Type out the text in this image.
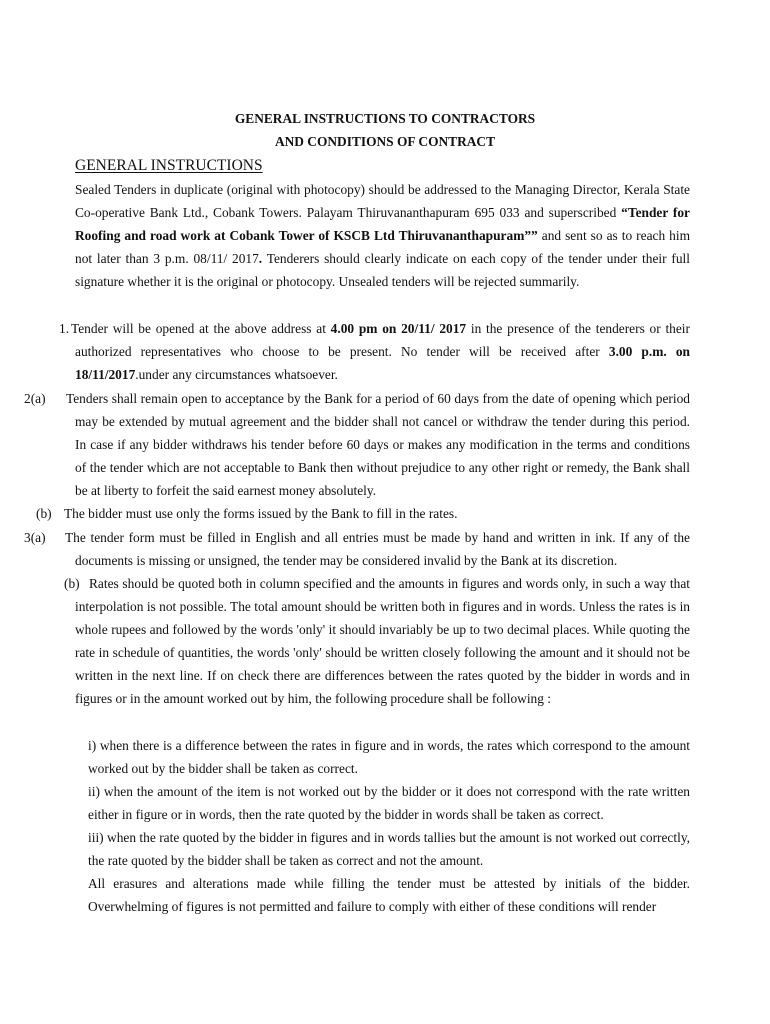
GENERAL INSTRUCTIONS TO CONTRACTORS
AND CONDITIONS OF CONTRACT
GENERAL INSTRUCTIONS

Sealed Tenders in duplicate (original with photocopy) should be addressed to the Managing Director, Kerala State Co-operative Bank Ltd., Cobank Towers. Palayam Thiruvananthapuram 695 033 and superscribed “Tender for Roofing and road work at Cobank Tower of KSCB Ltd Thiruvananthapuram”” and sent so as to reach him not later than 3 p.m. 08/11/ 2017. Tenderers should clearly indicate on each copy of the tender under their full signature whether it is the original or photocopy. Unsealed tenders will be rejected summarily.

1. Tender will be opened at the above address at 4.00 pm on 20/11/ 2017 in the presence of the tenderers or their authorized representatives who choose to be present. No tender will be received after 3.00 p.m. on 18/11/2017.under any circumstances whatsoever.

2(a) Tenders shall remain open to acceptance by the Bank for a period of 60 days from the date of opening which period may be extended by mutual agreement and the bidder shall not cancel or withdraw the tender during this period. In case if any bidder withdraws his tender before 60 days or makes any modification in the terms and conditions of the tender which are not acceptable to Bank then without prejudice to any other right or remedy, the Bank shall be at liberty to forfeit the said earnest money absolutely.

(b) The bidder must use only the forms issued by the Bank to fill in the rates.

3(a) The tender form must be filled in English and all entries must be made by hand and written in ink. If any of the documents is missing or unsigned, the tender may be considered invalid by the Bank at its discretion.

(b) Rates should be quoted both in column specified and the amounts in figures and words only, in such a way that interpolation is not possible. The total amount should be written both in figures and in words. Unless the rates is in whole rupees and followed by the words 'only' it should invariably be up to two decimal places. While quoting the rate in schedule of quantities, the words 'only' should be written closely following the amount and it should not be written in the next line. If on check there are differences between the rates quoted by the bidder in words and in figures or in the amount worked out by him, the following procedure shall be following :

i) when there is a difference between the rates in figure and in words, the rates which correspond to the amount worked out by the bidder shall be taken as correct.

ii) when the amount of the item is not worked out by the bidder or it does not correspond with the rate written either in figure or in words, then the rate quoted by the bidder in words shall be taken as correct.

iii) when the rate quoted by the bidder in figures and in words tallies but the amount is not worked out correctly, the rate quoted by the bidder shall be taken as correct and not the amount.

All erasures and alterations made while filling the tender must be attested by initials of the bidder. Overwhelming of figures is not permitted and failure to comply with either of these conditions will render
